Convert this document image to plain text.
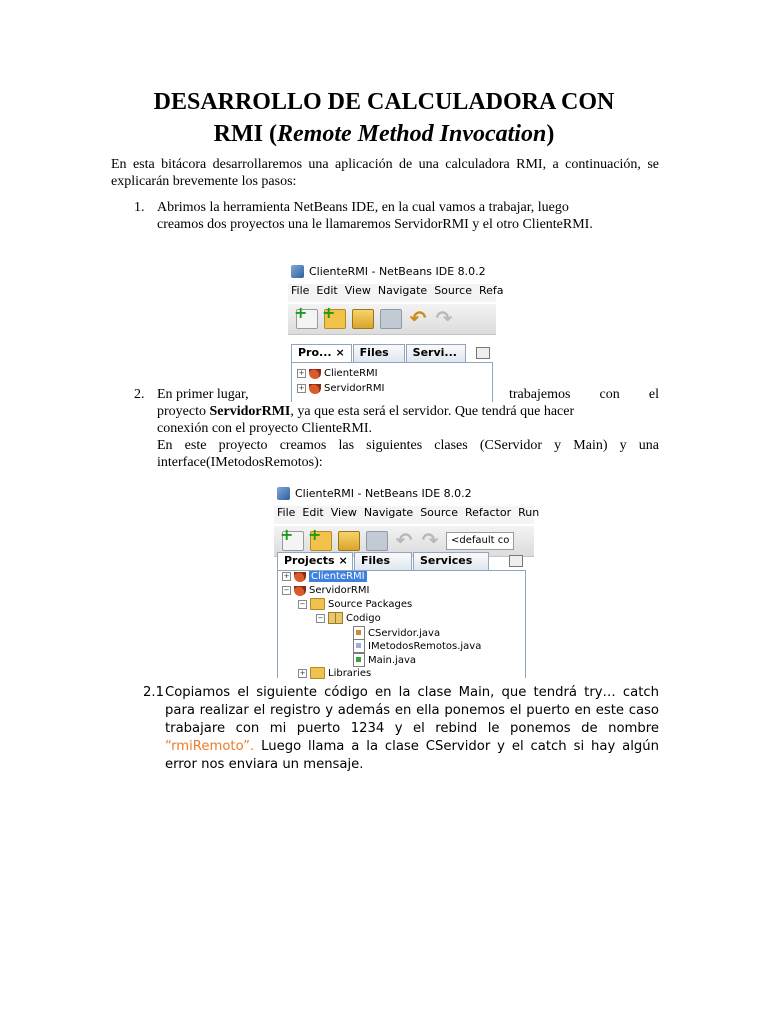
DESARROLLO DE CALCULADORA CON
RMI (Remote Method Invocation)
En esta bitácora desarrollaremos una aplicación de una calculadora RMI, a continuación, se explicarán brevemente los pasos:
1. Abrimos la herramienta NetBeans IDE, en la cual vamos a trabajar, luego
creamos dos proyectos una le llamaremos ServidorRMI y el otro ClienteRMI.
ClienteRMI - NetBeans IDE 8.0.2
File Edit View Navigate Source Refa
+
+
↶ ↷
Pro... ×	Files	Servi...
+ ClienteRMI
+ ServidorRMI
2. En primer lugar,	trabajemos con el
proyecto ServidorRMI, ya que esta será el servidor. Que tendrá que hacer
conexión con el proyecto ClienteRMI.
En este proyecto creamos las siguientes clases (CServidor y Main) y una interface(IMetodosRemotos):
ClienteRMI - NetBeans IDE 8.0.2
File Edit View Navigate Source Refactor Run
+
+
↶ ↷	<default co
Projects ×	Files	Services
+ ClienteRMI
− ServidorRMI
− Source Packages
− Codigo
CServidor.java
IMetodosRemotos.java
Main.java
+ Libraries
2.1 Copiamos el siguiente código en la clase Main, que tendrá try… catch para realizar el registro y además en ella ponemos el puerto en este caso trabajare con mi puerto 1234 y el rebind le ponemos de nombre “rmiRemoto”. Luego llama a la clase CServidor y el catch si hay algún error nos enviara un mensaje.
